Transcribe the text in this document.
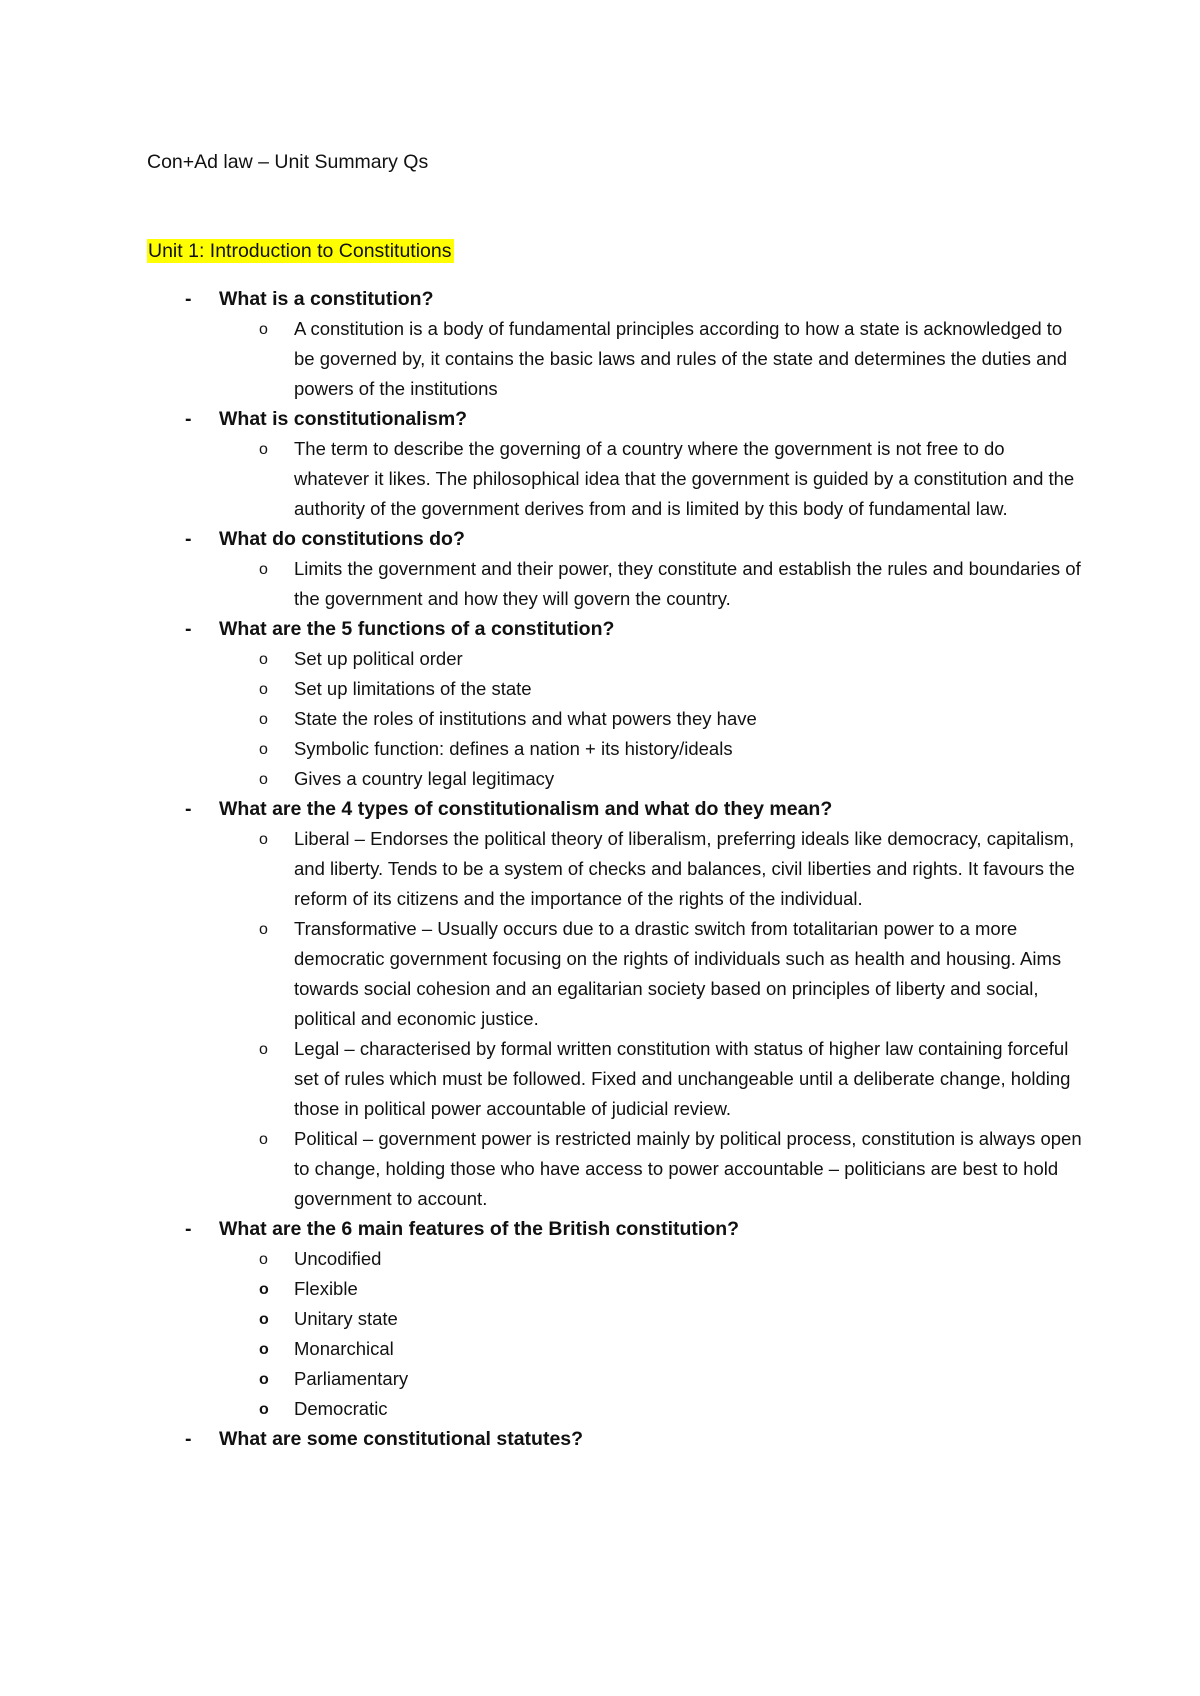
Con+Ad law – Unit Summary Qs
Unit 1: Introduction to Constitutions
- What is a constitution?
o A constitution is a body of fundamental principles according to how a state is acknowledged to be governed by, it contains the basic laws and rules of the state and determines the duties and powers of the institutions
- What is constitutionalism?
o The term to describe the governing of a country where the government is not free to do whatever it likes. The philosophical idea that the government is guided by a constitution and the authority of the government derives from and is limited by this body of fundamental law.
- What do constitutions do?
o Limits the government and their power, they constitute and establish the rules and boundaries of the government and how they will govern the country.
- What are the 5 functions of a constitution?
o Set up political order
o Set up limitations of the state
o State the roles of institutions and what powers they have
o Symbolic function: defines a nation + its history/ideals
o Gives a country legal legitimacy
- What are the 4 types of constitutionalism and what do they mean?
o Liberal – Endorses the political theory of liberalism, preferring ideals like democracy, capitalism, and liberty. Tends to be a system of checks and balances, civil liberties and rights. It favours the reform of its citizens and the importance of the rights of the individual.
o Transformative – Usually occurs due to a drastic switch from totalitarian power to a more democratic government focusing on the rights of individuals such as health and housing. Aims towards social cohesion and an egalitarian society based on principles of liberty and social, political and economic justice.
o Legal – characterised by formal written constitution with status of higher law containing forceful set of rules which must be followed. Fixed and unchangeable until a deliberate change, holding those in political power accountable of judicial review.
o Political – government power is restricted mainly by political process, constitution is always open to change, holding those who have access to power accountable – politicians are best to hold government to account.
- What are the 6 main features of the British constitution?
o Uncodified
o Flexible
o Unitary state
o Monarchical
o Parliamentary
o Democratic
- What are some constitutional statutes?
